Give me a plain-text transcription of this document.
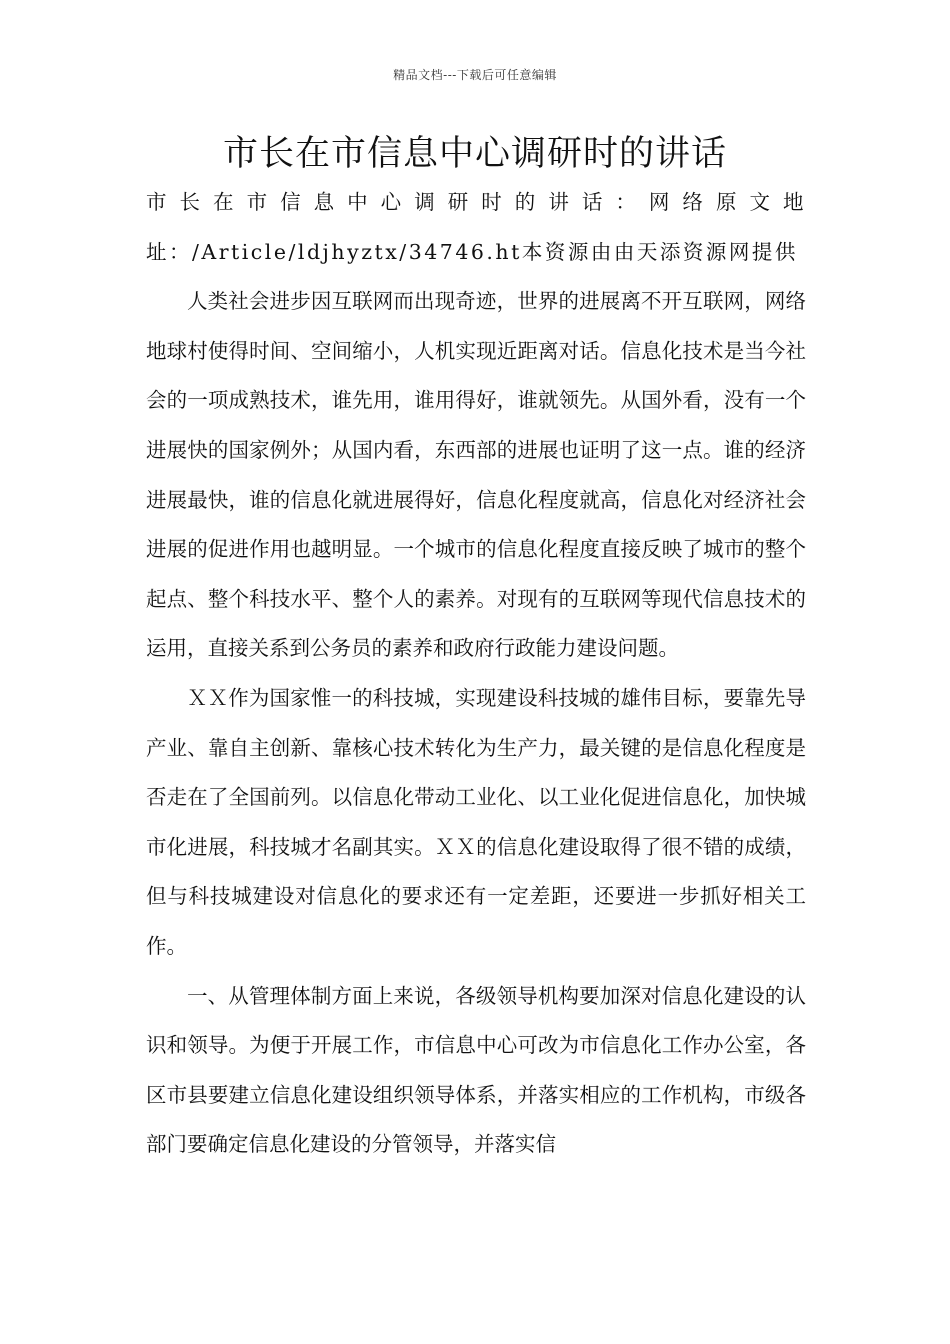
精品文档---下载后可任意编辑
市长在市信息中心调研时的讲话

市长在市信息中心调研时的讲话：网络原文地址：/Article/ldjhyztx/34746.ht本资源由由天添资源网提供

人类社会进步因互联网而出现奇迹，世界的进展离不开互联网，网络地球村使得时间、空间缩小，人机实现近距离对话。信息化技术是当今社会的一项成熟技术，谁先用，谁用得好，谁就领先。从国外看，没有一个进展快的国家例外；从国内看，东西部的进展也证明了这一点。谁的经济进展最快，谁的信息化就进展得好，信息化程度就高，信息化对经济社会进展的促进作用也越明显。一个城市的信息化程度直接反映了城市的整个起点、整个科技水平、整个人的素养。对现有的互联网等现代信息技术的运用，直接关系到公务员的素养和政府行政能力建设问题。

ＸＸ作为国家惟一的科技城，实现建设科技城的雄伟目标，要靠先导产业、靠自主创新、靠核心技术转化为生产力，最关键的是信息化程度是否走在了全国前列。以信息化带动工业化、以工业化促进信息化，加快城市化进展，科技城才名副其实。ＸＸ的信息化建设取得了很不错的成绩，但与科技城建设对信息化的要求还有一定差距，还要进一步抓好相关工作。

一、从管理体制方面上来说，各级领导机构要加深对信息化建设的认识和领导。为便于开展工作，市信息中心可改为市信息化工作办公室，各区市县要建立信息化建设组织领导体系，并落实相应的工作机构，市级各部门要确定信息化建设的分管领导，并落实信
